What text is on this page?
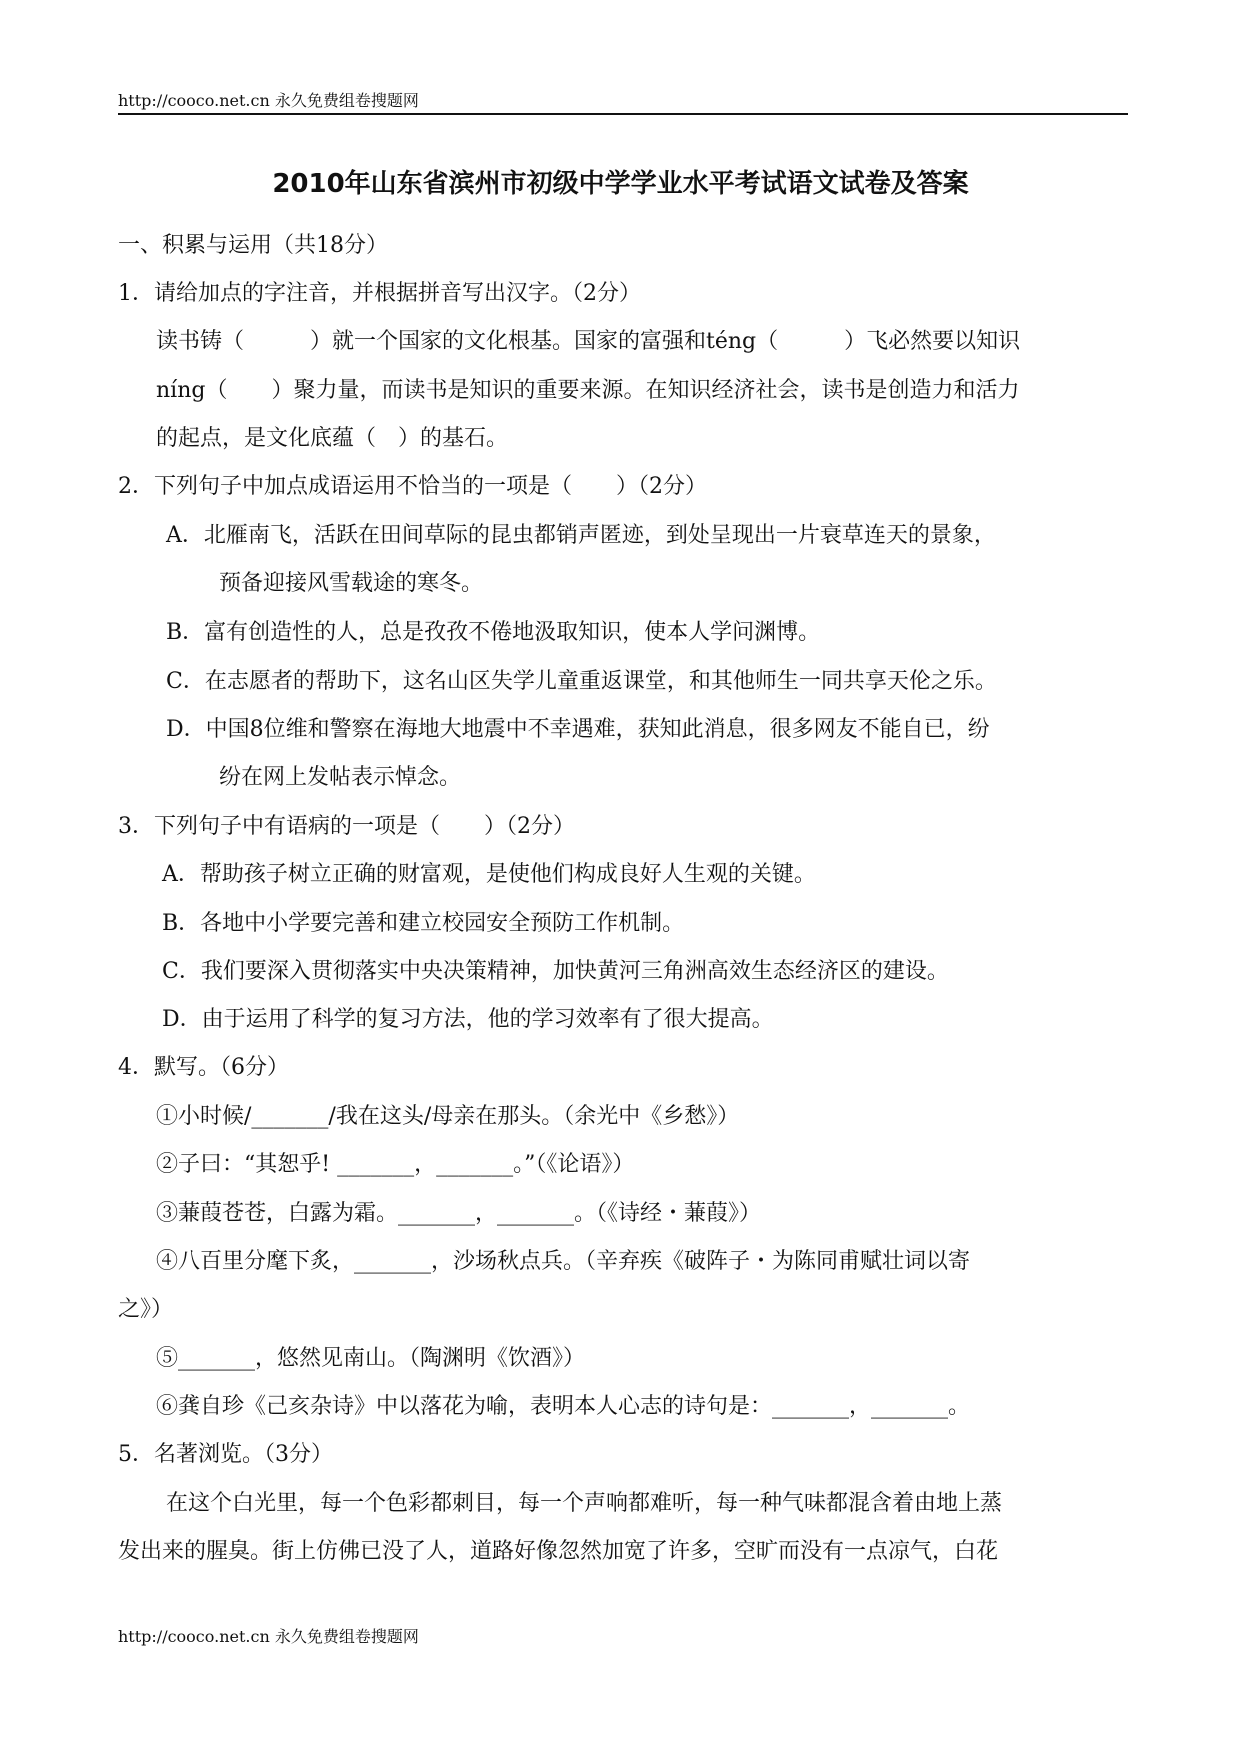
http://cooco.net.cn 永久免费组卷搜题网
2010年山东省滨州市初级中学学业水平考试语文试卷及答案
一、积累与运用（共18分）
1．请给加点的字注音，并根据拼音写出汉字。（2分）
读书铸（　　　）就一个国家的文化根基。国家的富强和téng（　　　）飞必然要以知识
níng（　　）聚力量，而读书是知识的重要来源。在知识经济社会，读书是创造力和活力
的起点，是文化底蕴（　）的基石。
2．下列句子中加点成语运用不恰当的一项是（　　）（2分）
A．北雁南飞，活跃在田间草际的昆虫都销声匿迹，到处呈现出一片衰草连天的景象，
预备迎接风雪载途的寒冬。
B．富有创造性的人，总是孜孜不倦地汲取知识，使本人学问渊博。
C．在志愿者的帮助下，这名山区失学儿童重返课堂，和其他师生一同共享天伦之乐。
D．中国8位维和警察在海地大地震中不幸遇难，获知此消息，很多网友不能自已，纷
纷在网上发帖表示悼念。
3．下列句子中有语病的一项是（　　）（2分）
A．帮助孩子树立正确的财富观，是使他们构成良好人生观的关键。
B．各地中小学要完善和建立校园安全预防工作机制。
C．我们要深入贯彻落实中央决策精神，加快黄河三角洲高效生态经济区的建设。
D．由于运用了科学的复习方法，他的学习效率有了很大提高。
4．默写。（6分）
①小时候/_______/我在这头/母亲在那头。（余光中《乡愁》）
②子曰：“其恕乎! _______，_______。”（《论语》）
③蒹葭苍苍，白露为霜。_______，_______。（《诗经・蒹葭》）
④八百里分麾下炙，_______，沙场秋点兵。（辛弃疾《破阵子・为陈同甫赋壮词以寄
之》）
⑤_______，悠然见南山。（陶渊明《饮酒》）
⑥龚自珍《己亥杂诗》中以落花为喻，表明本人心志的诗句是：_______，_______。
5．名著浏览。（3分）
在这个白光里，每一个色彩都刺目，每一个声响都难听，每一种气味都混含着由地上蒸
发出来的腥臭。街上仿佛已没了人，道路好像忽然加宽了许多，空旷而没有一点凉气，白花
http://cooco.net.cn 永久免费组卷搜题网
